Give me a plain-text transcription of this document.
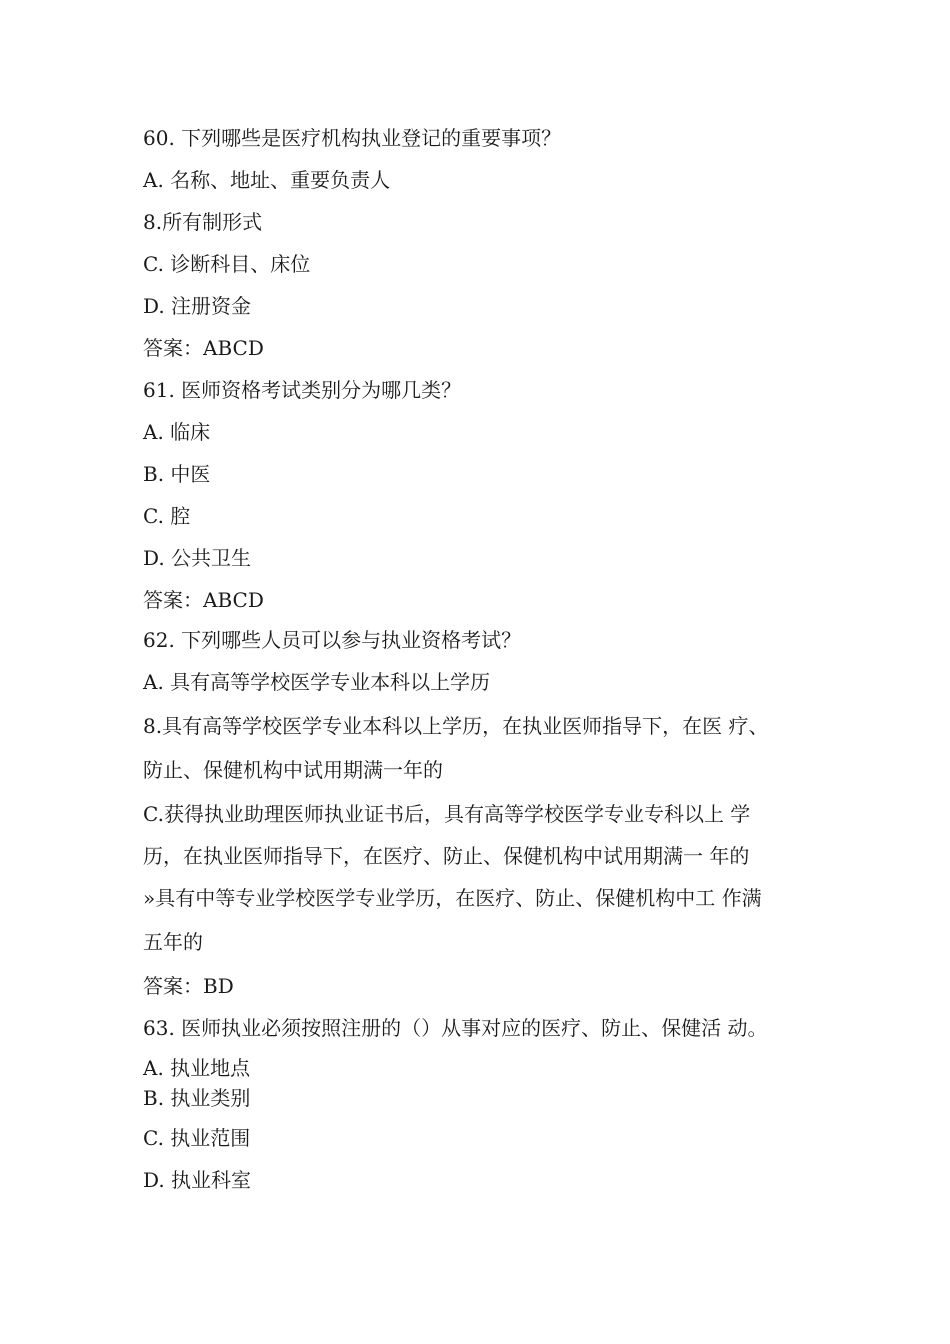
60. 下列哪些是医疗机构执业登记的重要事项？

A. 名称、地址、重要负责人

8.所有制形式

C. 诊断科目、床位

D. 注册资金

答案：ABCD

61. 医师资格考试类别分为哪几类？

A. 临床

B. 中医

C. 腔

D. 公共卫生

答案：ABCD

62. 下列哪些人员可以参与执业资格考试？

A. 具有高等学校医学专业本科以上学历

8.具有高等学校医学专业本科以上学历，在执业医师指导下，在医 疗、

防止、保健机构中试用期满一年的

C.获得执业助理医师执业证书后，具有高等学校医学专业专科以上 学

历，在执业医师指导下，在医疗、防止、保健机构中试用期满一 年的

»具有中等专业学校医学专业学历，在医疗、防止、保健机构中工 作满

五年的

答案：BD

63. 医师执业必须按照注册的（）从事对应的医疗、防止、保健活 动。

A. 执业地点

B. 执业类别

C. 执业范围

D. 执业科室
